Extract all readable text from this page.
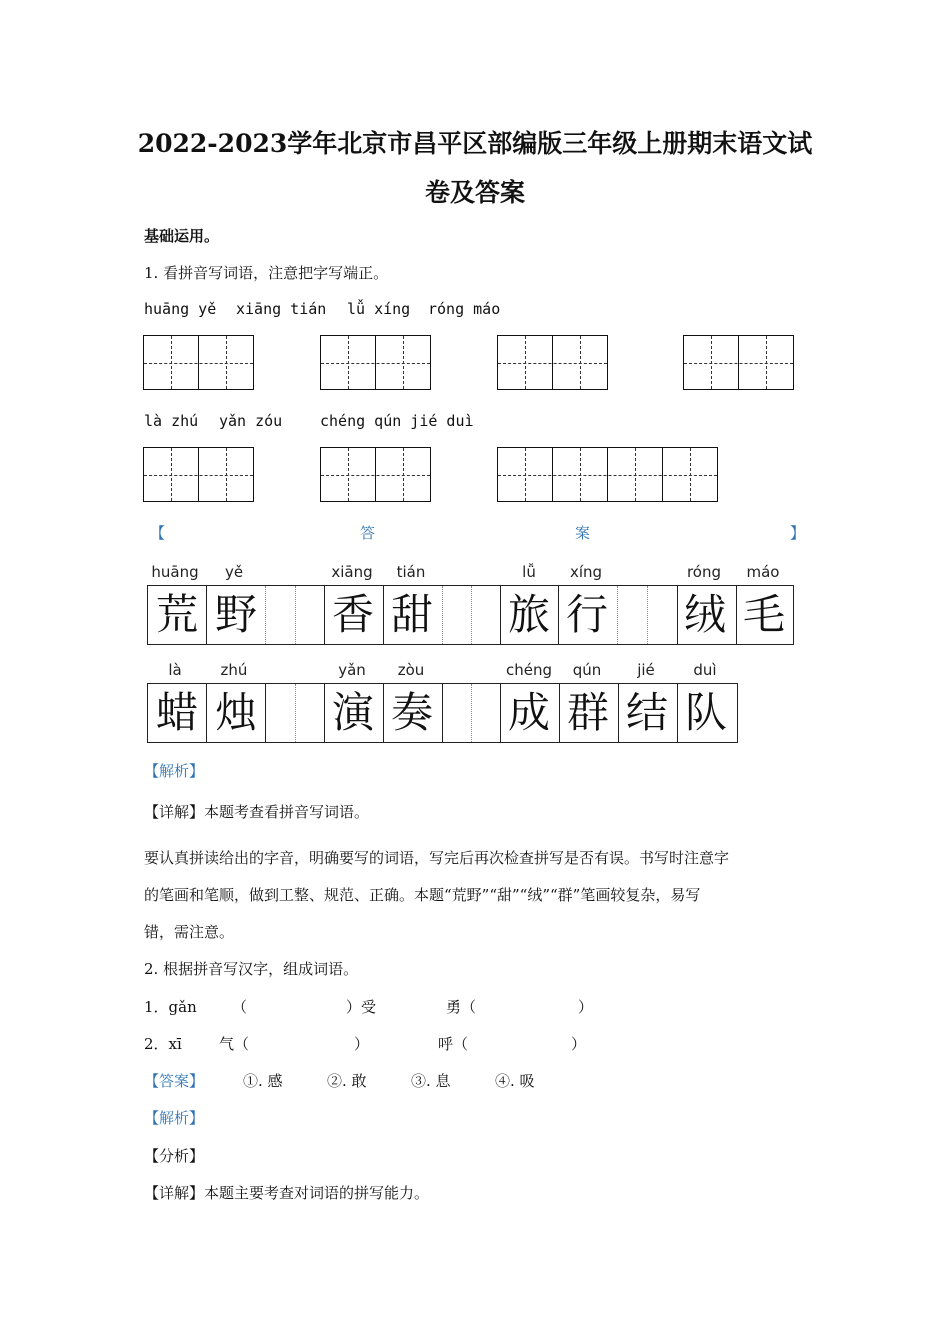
2022-2023学年北京市昌平区部编版三年级上册期末语文试
卷及答案
基础运用。
1. 看拼音写词语，注意把字写端正。
huāng yě xiāng tián lǚ xíng róng máo
là zhú yǎn zóu	chéng qún jié duì
【	答	案	】
huāng	yě	xiāng	tián	lǚ	xíng	róng	máo
荒 野 香 甜 旅 行 绒 毛
là	zhú	yǎn	zòu	chéng	qún	jié	duì
蜡 烛 演 奏 成 群 结 队
【解析】
【详解】本题考查看拼音写词语。
要认真拼读给出的字音，明确要写的词语，写完后再次检查拼写是否有误。书写时注意字
的笔画和笔顺，做到工整、规范、正确。本题“荒野”“甜”“绒”“群”笔画较复杂，易写
错，需注意。
2. 根据拼音写汉字，组成词语。
1．gǎn （	）受	勇（	）
2．xī 气（	）	呼（	）
【答案】	①. 感	②. 敢	③. 息	④. 吸
【解析】
【分析】
【详解】本题主要考查对词语的拼写能力。
